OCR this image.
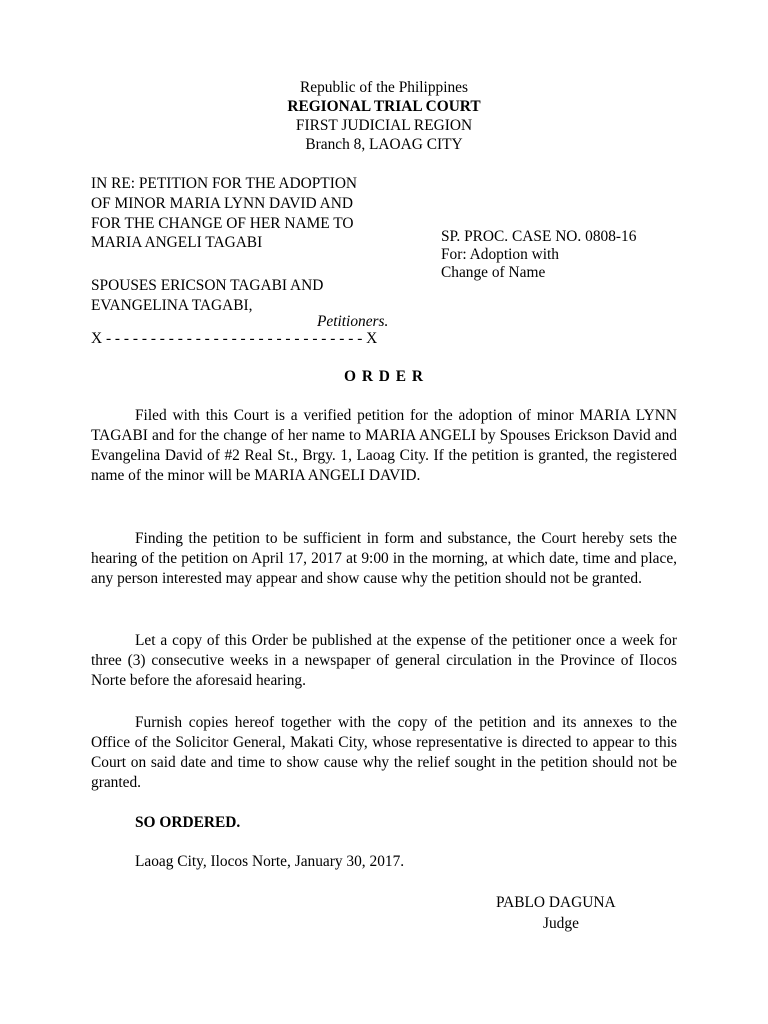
Republic of the Philippines

REGIONAL TRIAL COURT

FIRST JUDICIAL REGION

Branch 8, LAOAG CITY

IN RE: PETITION FOR THE ADOPTION
OF MINOR MARIA LYNN DAVID AND
FOR THE CHANGE OF HER NAME TO
MARIA ANGELI TAGABI	SP. PROC. CASE NO. 0808-16
For: Adoption with
Change of Name
SPOUSES ERICSON TAGABI AND
EVANGELINA TAGABI,

Petitioners.

X - - - - - - - - - - - - - - - - - - - - - - - - - - - - - X

O R D E R

Filed with this Court is a verified petition for the adoption of minor MARIA LYNN TAGABI and for the change of her name to MARIA ANGELI by Spouses Erickson David and Evangelina David of #2 Real St., Brgy. 1, Laoag City. If the petition is granted, the registered name of the minor will be MARIA ANGELI DAVID.

Finding the petition to be sufficient in form and substance, the Court hereby sets the hearing of the petition on April 17, 2017 at 9:00 in the morning, at which date, time and place, any person interested may appear and show cause why the petition should not be granted.

Let a copy of this Order be published at the expense of the petitioner once a week for three (3) consecutive weeks in a newspaper of general circulation in the Province of Ilocos Norte before the aforesaid hearing.

Furnish copies hereof together with the copy of the petition and its annexes to the Office of the Solicitor General, Makati City, whose representative is directed to appear to this Court on said date and time to show cause why the relief sought in the petition should not be granted.

SO ORDERED.

Laoag City, Ilocos Norte, January 30, 2017.

PABLO DAGUNA

Judge
